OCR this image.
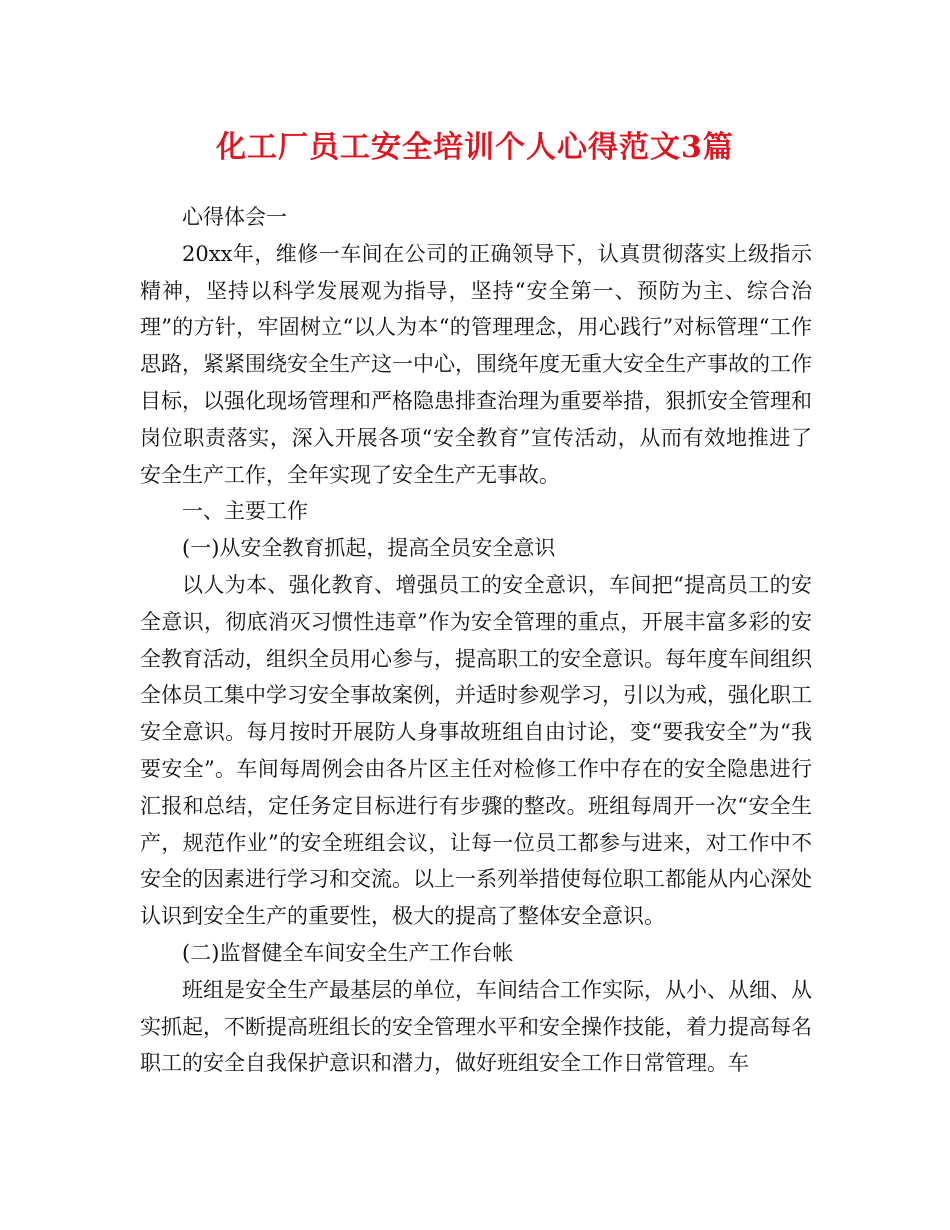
化工厂员工安全培训个人心得范文3篇

心得体会一

20xx年，维修一车间在公司的正确领导下，认真贯彻落实上级指示精神，坚持以科学发展观为指导，坚持“安全第一、预防为主、综合治理”的方针，牢固树立“以人为本“的管理理念，用心践行”对标管理“工作思路，紧紧围绕安全生产这一中心，围绕年度无重大安全生产事故的工作目标，以强化现场管理和严格隐患排查治理为重要举措，狠抓安全管理和岗位职责落实，深入开展各项“安全教育”宣传活动，从而有效地推进了安全生产工作，全年实现了安全生产无事故。

一、主要工作

(一)从安全教育抓起，提高全员安全意识

以人为本、强化教育、增强员工的安全意识，车间把“提高员工的安全意识，彻底消灭习惯性违章”作为安全管理的重点，开展丰富多彩的安全教育活动，组织全员用心参与，提高职工的安全意识。每年度车间组织全体员工集中学习安全事故案例，并适时参观学习，引以为戒，强化职工安全意识。每月按时开展防人身事故班组自由讨论，变“要我安全”为“我要安全”。车间每周例会由各片区主任对检修工作中存在的安全隐患进行汇报和总结，定任务定目标进行有步骤的整改。班组每周开一次“安全生产，规范作业”的安全班组会议，让每一位员工都参与进来，对工作中不安全的因素进行学习和交流。以上一系列举措使每位职工都能从内心深处认识到安全生产的重要性，极大的提高了整体安全意识。

(二)监督健全车间安全生产工作台帐

班组是安全生产最基层的单位，车间结合工作实际，从小、从细、从实抓起，不断提高班组长的安全管理水平和安全操作技能，着力提高每名职工的安全自我保护意识和潜力，做好班组安全工作日常管理。车
